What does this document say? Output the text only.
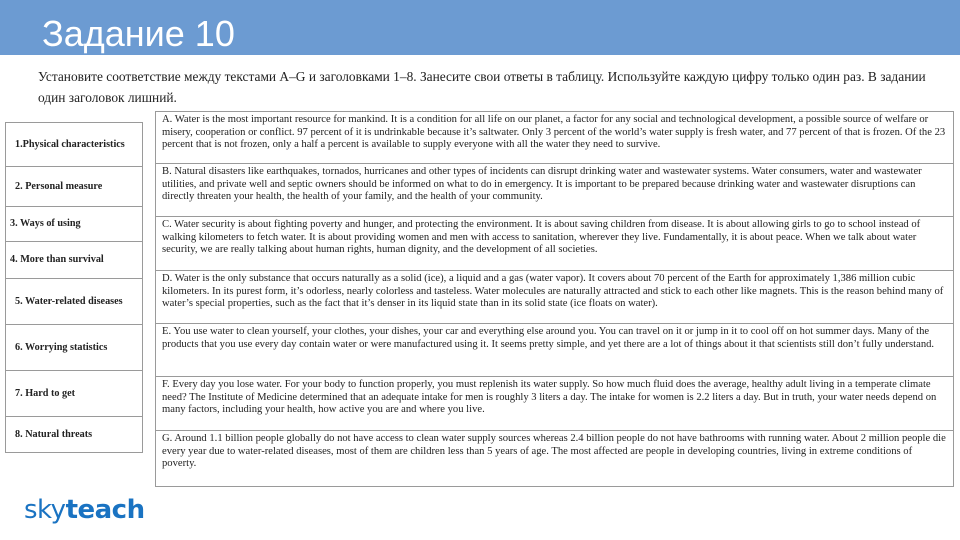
Задание 10

Установите соответствие между текстами A–G и заголовками 1–8. Занесите свои ответы в таблицу. Используйте каждую цифру только один раз. В задании один заголовок лишний.

1.Physical characteristics
2. Personal measure
3. Ways of using
4. More than survival
5. Water-related diseases
6. Worrying statistics
7. Hard to get
8. Natural threats
A. Water is the most important resource for mankind. It is a condition for all life on our planet, a factor for any social and technological development, a possible source of welfare or misery, cooperation or conflict. 97 percent of it is undrinkable because it’s saltwater. Only 3 percent of the world’s water supply is fresh water, and 77 percent of that is frozen. Of the 23 percent that is not frozen, only a half a percent is available to supply everyone with all the water they need to survive.
B. Natural disasters like earthquakes, tornados, hurricanes and other types of incidents can disrupt drinking water and wastewater systems. Water consumers, water and wastewater utilities, and private well and septic owners should be informed on what to do in emergency. It is important to be prepared because drinking water and wastewater disruptions can directly threaten your health, the health of your family, and the health of your community.
C. Water security is about fighting poverty and hunger, and protecting the environment. It is about saving children from disease. It is about allowing girls to go to school instead of walking kilometers to fetch water. It is about providing women and men with access to sanitation, wherever they live. Fundamentally, it is about peace. When we talk about water security, we are really talking about human rights, human dignity, and the development of all societies.
D. Water is the only substance that occurs naturally as a solid (ice), a liquid and a gas (water vapor). It covers about 70 percent of the Earth for approximately 1,386 million cubic kilometers. In its purest form, it’s odorless, nearly colorless and tasteless. Water molecules are naturally attracted and stick to each other like magnets. This is the reason behind many of water’s special properties, such as the fact that it’s denser in its liquid state than in its solid state (ice floats on water).
E. You use water to clean yourself, your clothes, your dishes, your car and everything else around you. You can travel on it or jump in it to cool off on hot summer days. Many of the products that you use every day contain water or were manufactured using it. It seems pretty simple, and yet there are a lot of things about it that scientists still don’t fully understand.
F. Every day you lose water. For your body to function properly, you must replenish its water supply. So how much fluid does the average, healthy adult living in a temperate climate need? The Institute of Medicine determined that an adequate intake for men is roughly 3 liters a day. The intake for women is 2.2 liters a day. But in truth, your water needs depend on many factors, including your health, how active you are and where you live.
G. Around 1.1 billion people globally do not have access to clean water supply sources whereas 2.4 billion people do not have bathrooms with running water. About 2 million people die every year due to water-related diseases, most of them are children less than 5 years of age. The most affected are people in developing countries, living in extreme conditions of poverty.
skyteach
